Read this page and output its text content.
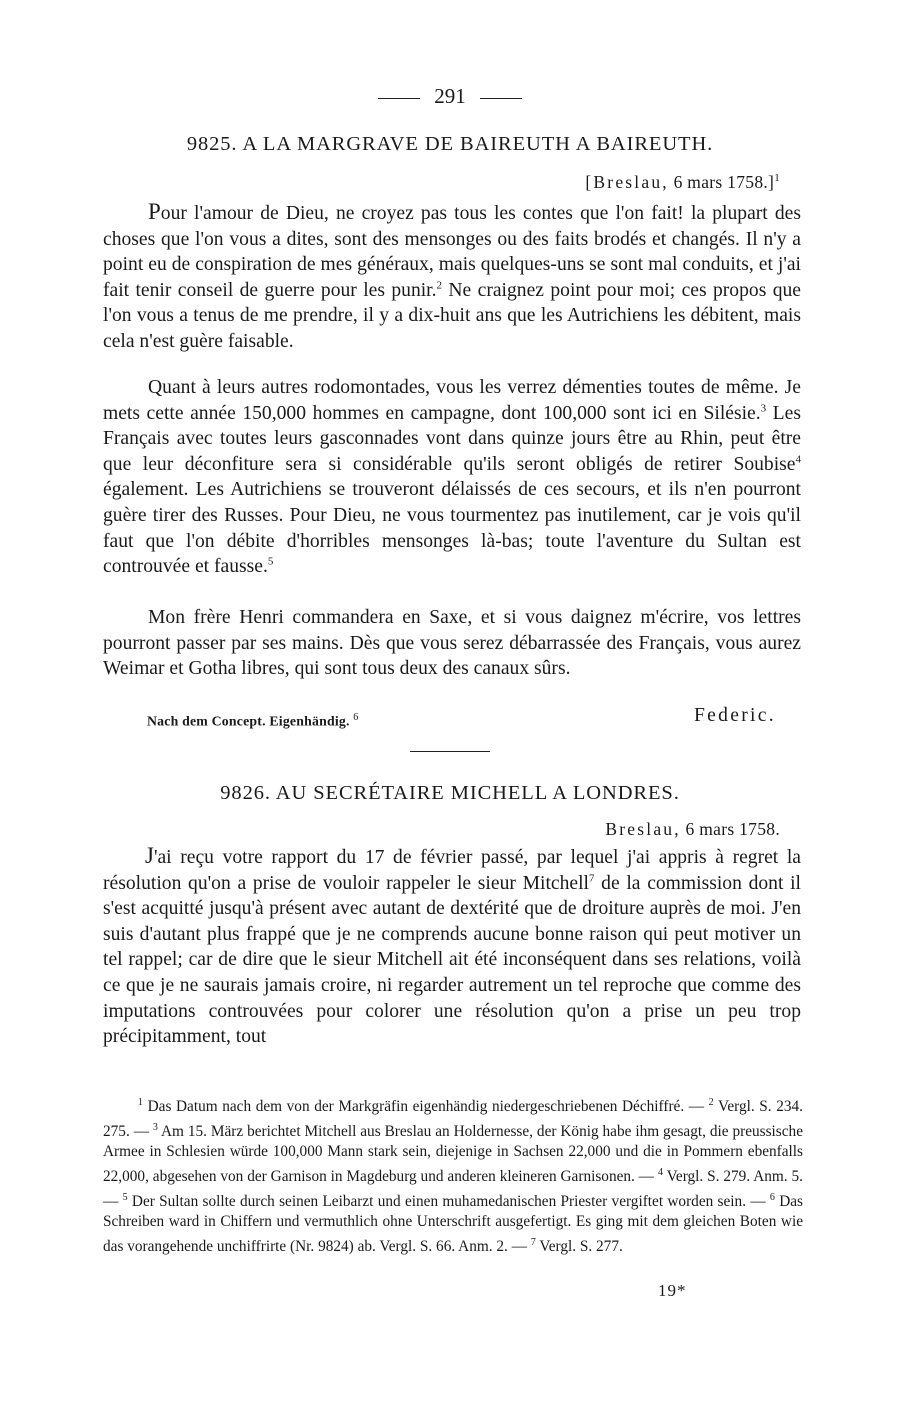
291
9825. A LA MARGRAVE DE BAIREUTH A BAIREUTH.
[Breslau, 6 mars 1758.]$^1$

Pour l'amour de Dieu, ne croyez pas tous les contes que l'on fait! la plupart des choses que l'on vous a dites, sont des mensonges ou des faits brodés et changés. Il n'y a point eu de conspiration de mes généraux, mais quelques-uns se sont mal conduits, et j'ai fait tenir conseil de guerre pour les punir.$^2$ Ne craignez point pour moi; ces propos que l'on vous a tenus de me prendre, il y a dix-huit ans que les Autrichiens les débitent, mais cela n'est guère faisable.

Quant à leurs autres rodomontades, vous les verrez démenties toutes de même. Je mets cette année 150,000 hommes en campagne, dont 100,000 sont ici en Silésie.$^3$ Les Français avec toutes leurs gasconnades vont dans quinze jours être au Rhin, peut être que leur déconfiture sera si considérable qu'ils seront obligés de retirer Soubise$^4$ également. Les Autrichiens se trouveront délaissés de ces secours, et ils n'en pourront guère tirer des Russes. Pour Dieu, ne vous tourmentez pas inutilement, car je vois qu'il faut que l'on débite d'horribles mensonges là-bas; toute l'aventure du Sultan est controuvée et fausse.$^5$

Mon frère Henri commandera en Saxe, et si vous daignez m'écrire, vos lettres pourront passer par ses mains. Dès que vous serez débarrassée des Français, vous aurez Weimar et Gotha libres, qui sont tous deux des canaux sûrs.

Nach dem Concept. Eigenhändig. $^6$	Federic.
9826. AU SECRÉTAIRE MICHELL A LONDRES.
Breslau, 6 mars 1758.

J'ai reçu votre rapport du 17 de février passé, par lequel j'ai appris à regret la résolution qu'on a prise de vouloir rappeler le sieur Mitchell$^7$ de la commission dont il s'est acquitté jusqu'à présent avec autant de dextérité que de droiture auprès de moi. J'en suis d'autant plus frappé que je ne comprends aucune bonne raison qui peut motiver un tel rappel; car de dire que le sieur Mitchell ait été inconséquent dans ses relations, voilà ce que je ne saurais jamais croire, ni regarder autrement un tel reproche que comme des imputations controuvées pour colorer une résolution qu'on a prise un peu trop précipitamment, tout

$^1$ Das Datum nach dem von der Markgräfin eigenhändig niedergeschriebenen Déchiffré. — $^2$ Vergl. S. 234. 275. — $^3$ Am 15. März berichtet Mitchell aus Breslau an Holdernesse, der König habe ihm gesagt, die preussische Armee in Schlesien würde 100,000 Mann stark sein, diejenige in Sachsen 22,000 und die in Pommern ebenfalls 22,000, abgesehen von der Garnison in Magdeburg und anderen kleineren Garnisonen. — $^4$ Vergl. S. 279. Anm. 5. — $^5$ Der Sultan sollte durch seinen Leibarzt und einen muhamedanischen Priester vergiftet worden sein. — $^6$ Das Schreiben ward in Chiffern und vermuthlich ohne Unterschrift ausgefertigt. Es ging mit dem gleichen Boten wie das vorangehende unchiffrirte (Nr. 9824) ab. Vergl. S. 66. Anm. 2. — $^7$ Vergl. S. 277.

19*
